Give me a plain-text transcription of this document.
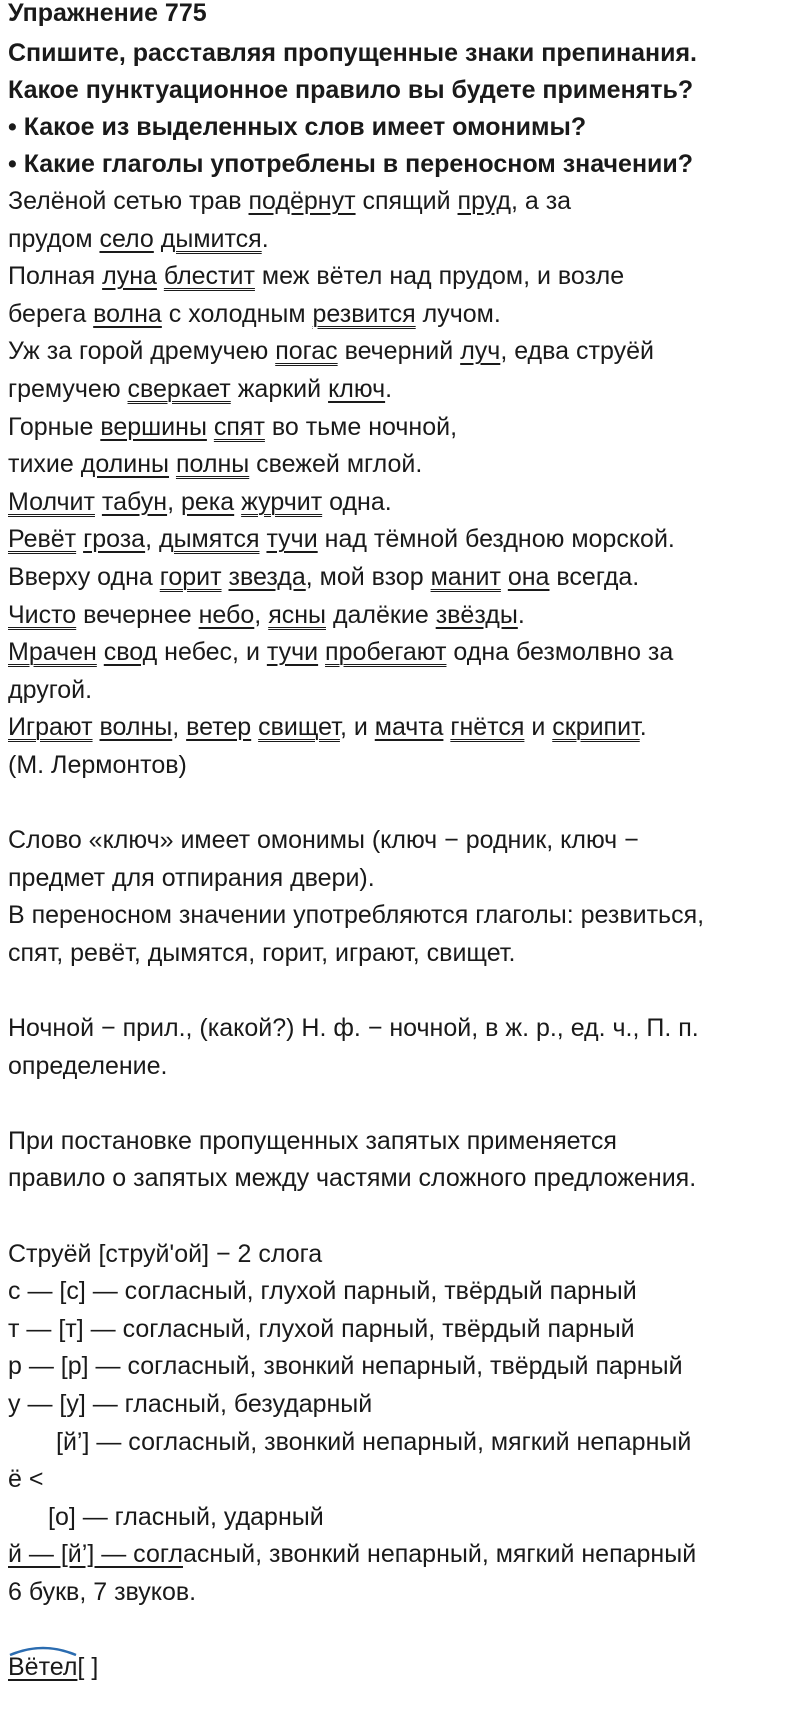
Упражнение 775
Спишите, расставляя пропущенные знаки препинания.
Какое пунктуационное правило вы будете применять?
• Какое из выделенных слов имеет омонимы?
• Какие глаголы употреблены в переносном значении?
Зелёной сетью трав подёрнут спящий пруд, а за
прудом село дымится.
Полная луна блестит меж вётел над прудом, и возле
берега волна с холодным резвится лучом.
Уж за горой дремучею погас вечерний луч, едва струёй
гремучею сверкает жаркий ключ.
Горные вершины спят во тьме ночной,
тихие долины полны свежей мглой.
Молчит табун, река журчит одна.
Ревёт гроза, дымятся тучи над тёмной бездною морской.
Вверху одна горит звезда, мой взор манит она всегда.
Чисто вечернее небо, ясны далёкие звёзды.
Мрачен свод небес, и тучи пробегают одна безмолвно за
другой.
Играют волны, ветер свищет, и мачта гнётся и скрипит.
(М. Лермонтов)
Слово «ключ» имеет омонимы (ключ − родник, ключ −
предмет для отпирания двери).
В переносном значении употребляются глаголы: резвиться,
спят, ревёт, дымятся, горит, играют, свищет.
Ночной − прил., (какой?) Н. ф. − ночной, в ж. р., ед. ч., П. п.
определение.
При постановке пропущенных запятых применяется
правило о запятых между частями сложного предложения.
Струёй [струй'ой] − 2 слога
с — [с] — согласный, глухой парный, твёрдый парный
т — [т] — согласный, глухой парный, твёрдый парный
р — [р] — согласный, звонкий непарный, твёрдый парный
у — [у] — гласный, безударный
[й’] — согласный, звонкий непарный, мягкий непарный
ё <
[о] — гласный, ударный
й — [й’] — согласный, звонкий непарный, мягкий непарный
6 букв, 7 звуков.
Вётел[ ]
